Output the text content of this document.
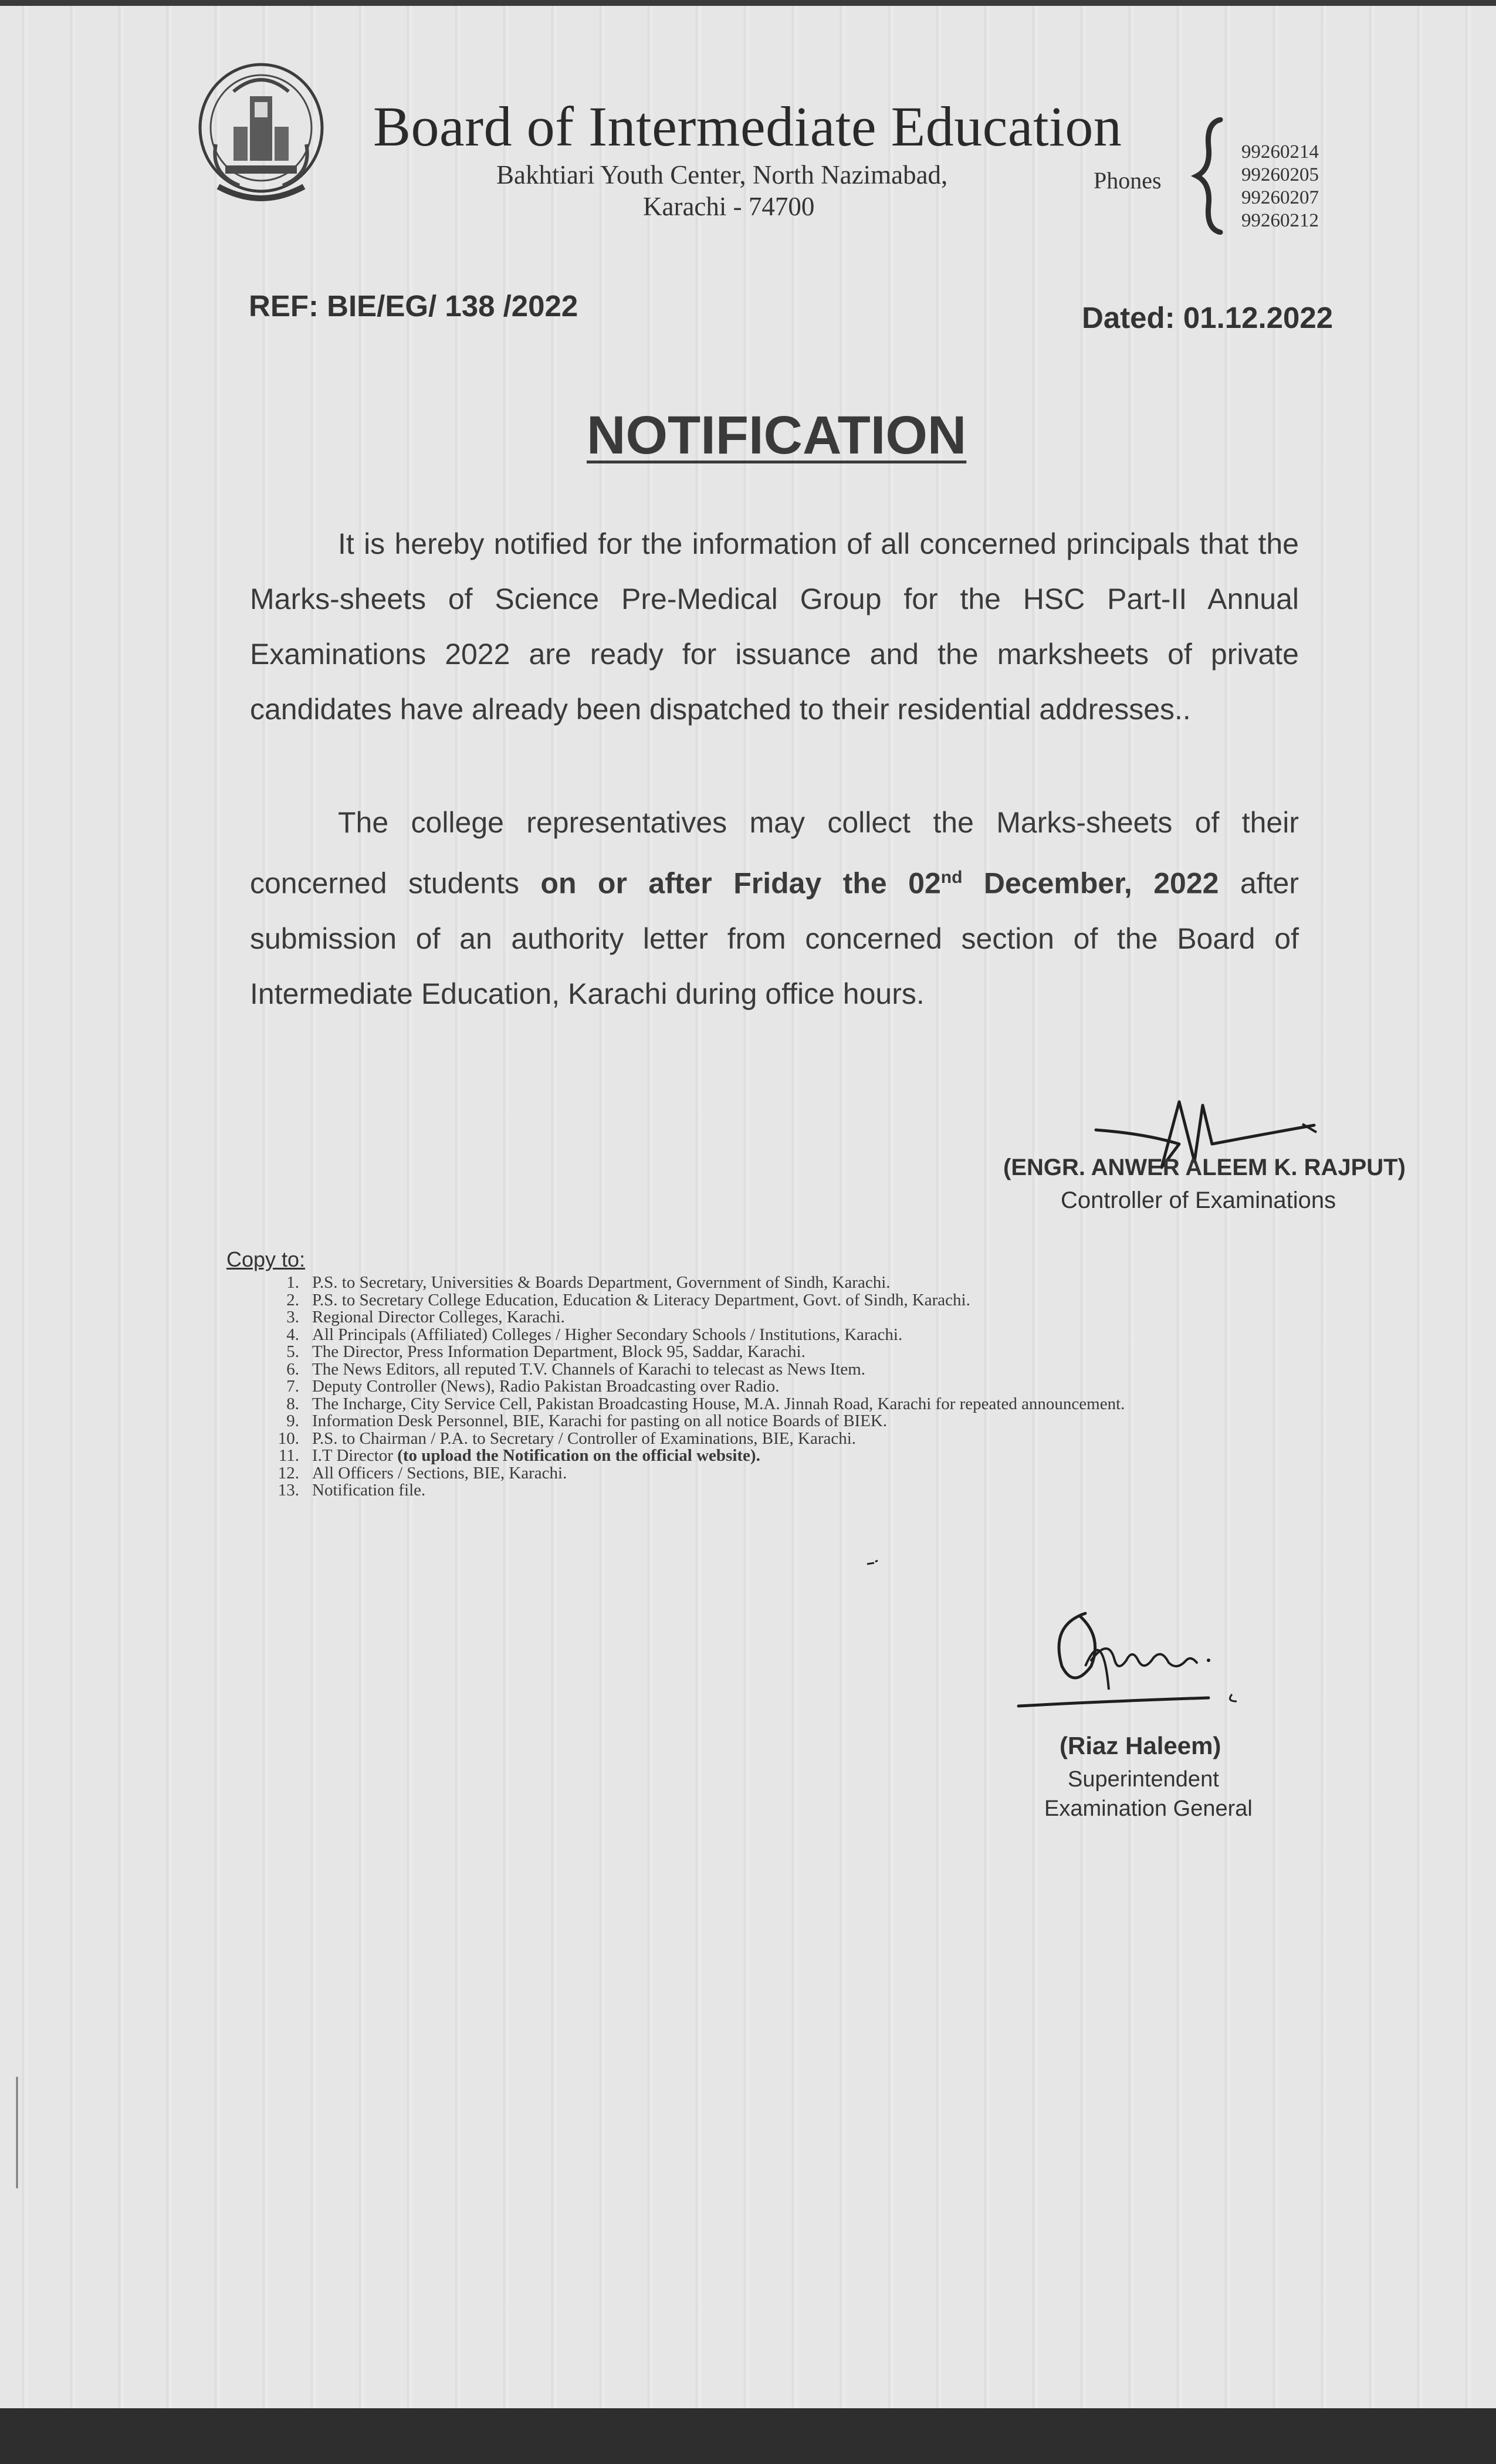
Board of Intermediate Education
Bakhtiari Youth Center, North Nazimabad,
Karachi - 74700
Phones
99260214
99260205
99260207
99260212
REF: BIE/EG/ 138 /2022	Dated: 01.12.2022
NOTIFICATION
It is hereby notified for the information of all concerned principals that the Marks-sheets of Science Pre-Medical Group for the HSC Part-II Annual Examinations 2022 are ready for issuance and the marksheets of private candidates have already been dispatched to their residential addresses..
The college representatives may collect the Marks-sheets of their concerned students on or after Friday the 02nd December, 2022 after submission of an authority letter from concerned section of the Board of Intermediate Education, Karachi during office hours.
(ENGR. ANWER ALEEM K. RAJPUT)
Controller of Examinations
Copy to:
1. P.S. to Secretary, Universities & Boards Department, Government of Sindh, Karachi.
2. P.S. to Secretary College Education, Education & Literacy Department, Govt. of Sindh, Karachi.
3. Regional Director Colleges, Karachi.
4. All Principals (Affiliated) Colleges / Higher Secondary Schools / Institutions, Karachi.
5. The Director, Press Information Department, Block 95, Saddar, Karachi.
6. The News Editors, all reputed T.V. Channels of Karachi to telecast as News Item.
7. Deputy Controller (News), Radio Pakistan Broadcasting over Radio.
8. The Incharge, City Service Cell, Pakistan Broadcasting House, M.A. Jinnah Road, Karachi for repeated announcement.
9. Information Desk Personnel, BIE, Karachi for pasting on all notice Boards of BIEK.
10. P.S. to Chairman / P.A. to Secretary / Controller of Examinations, BIE, Karachi.
11. I.T Director (to upload the Notification on the official website).
12. All Officers / Sections, BIE, Karachi.
13. Notification file.
(Riaz Haleem)
Superintendent
Examination General
